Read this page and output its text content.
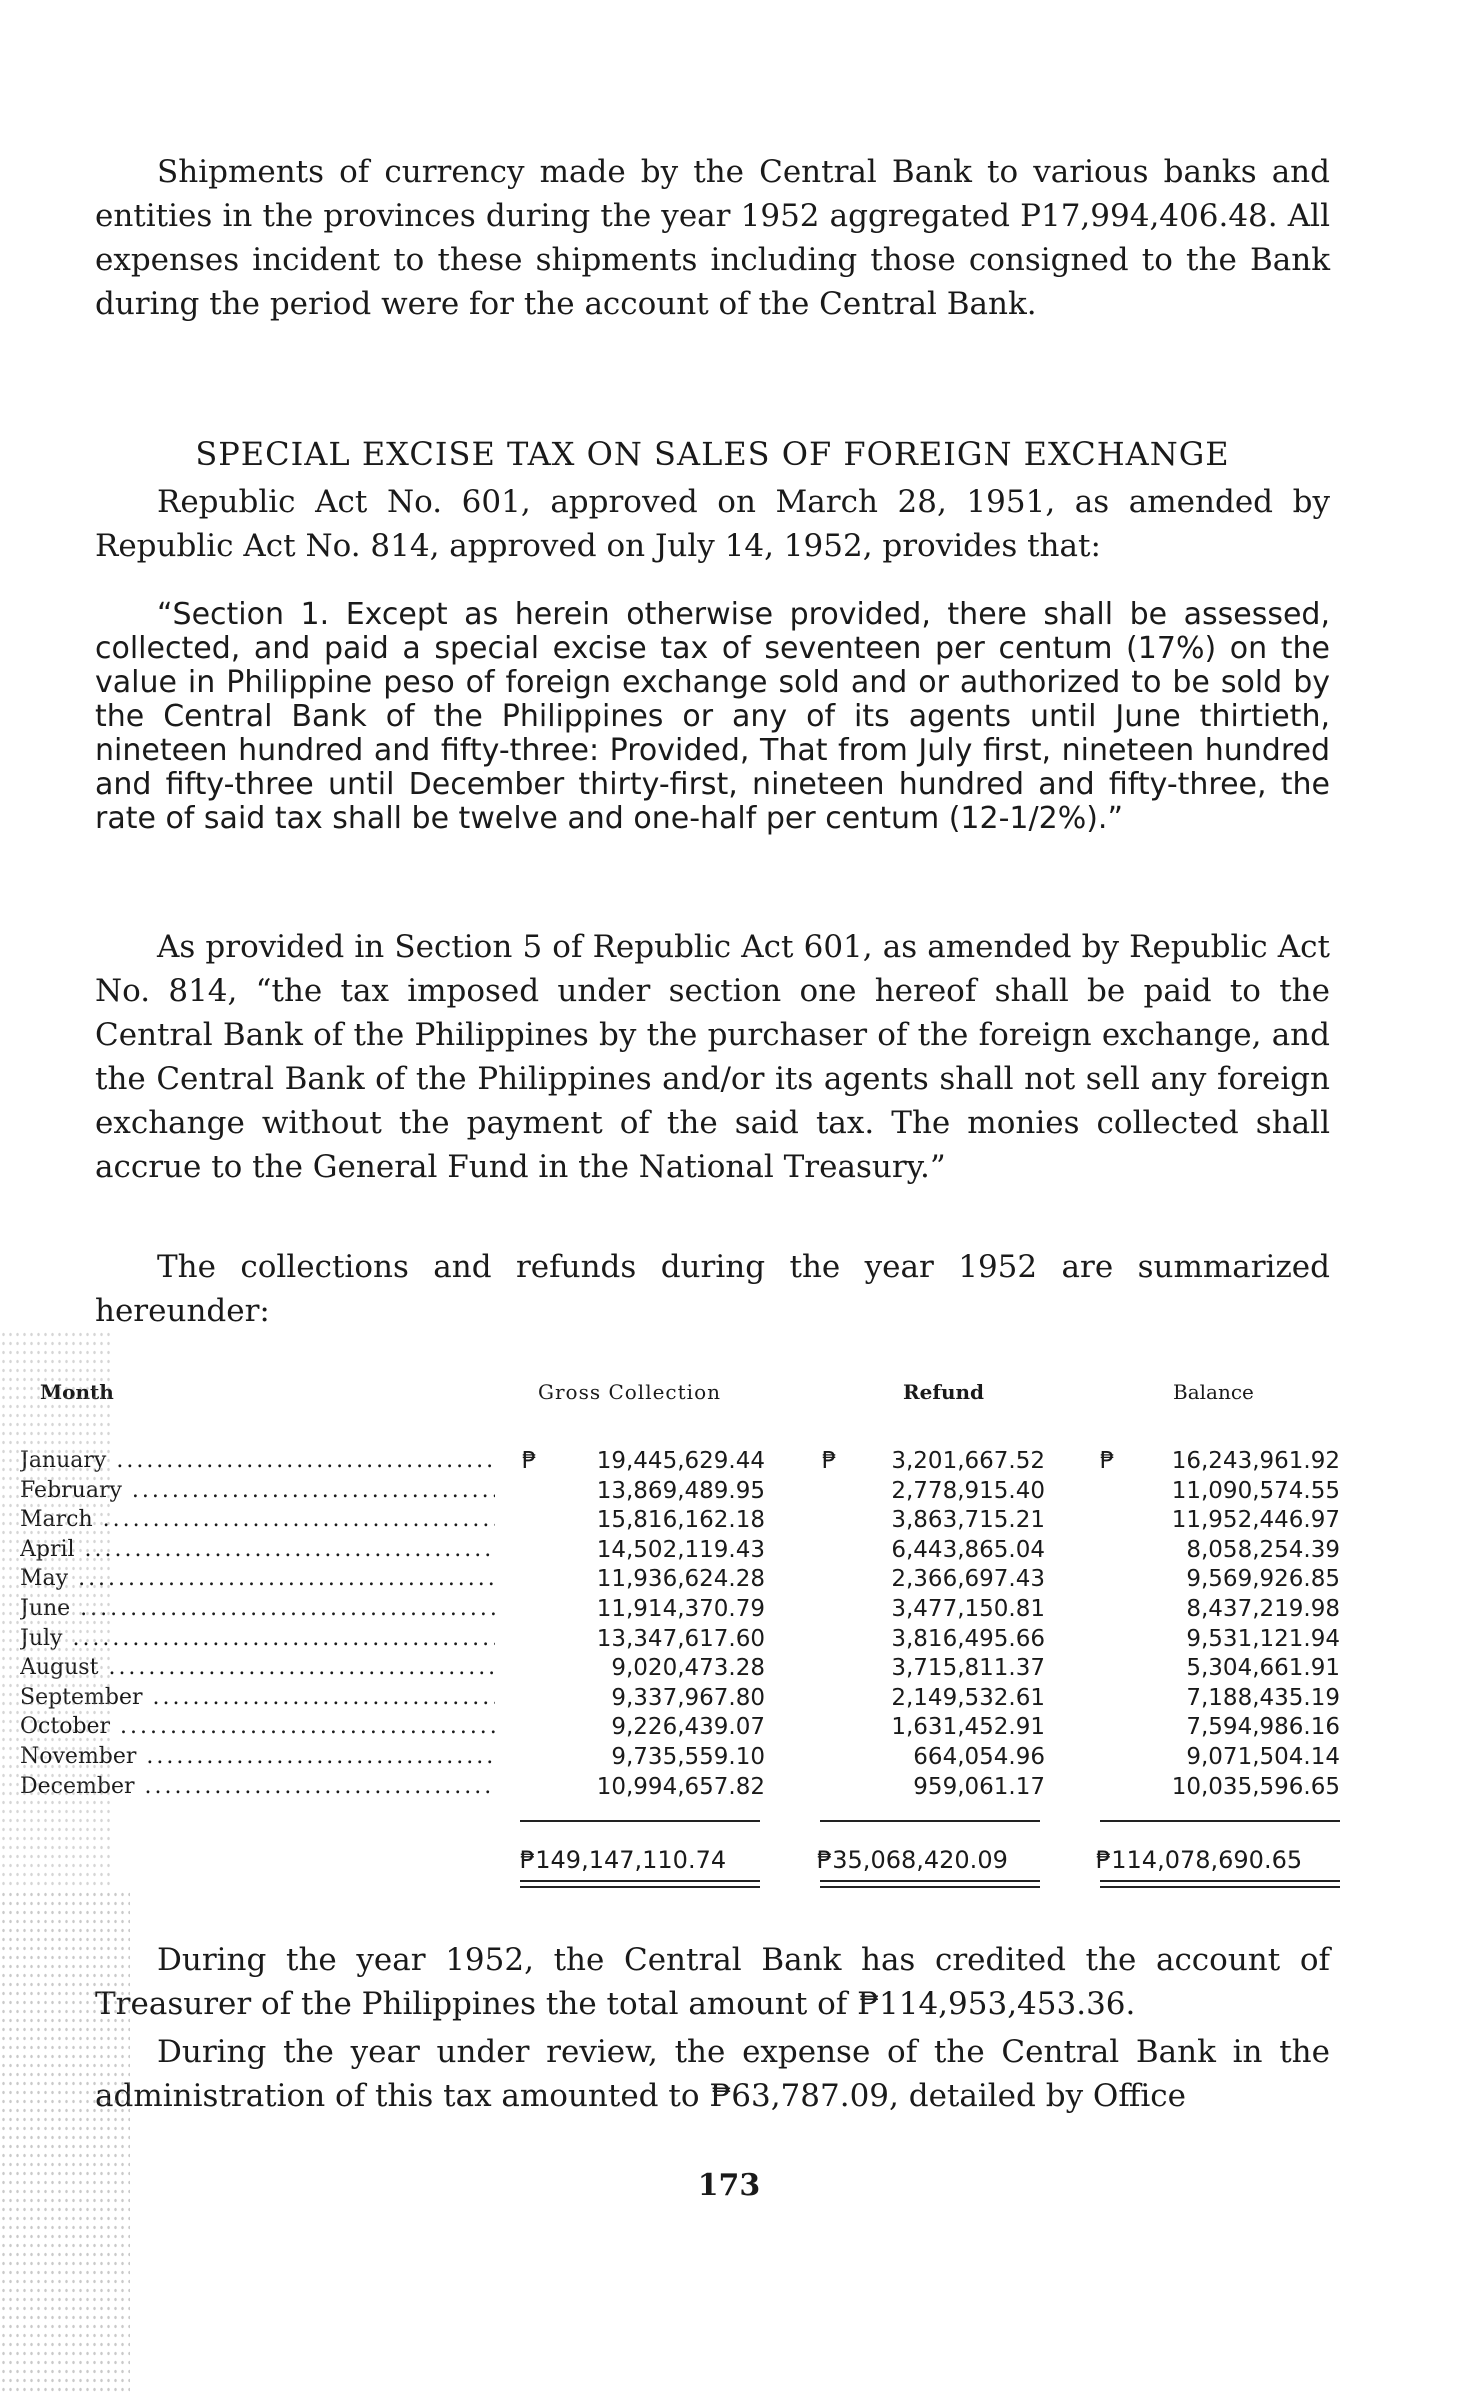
Shipments of currency made by the Central Bank to various banks and entities in the provinces during the year 1952 aggregated P17,994,406.48. All expenses incident to these shipments including those consigned to the Bank during the period were for the account of the Central Bank.

SPECIAL EXCISE TAX ON SALES OF FOREIGN EXCHANGE

Republic Act No. 601, approved on March 28, 1951, as amended by Republic Act No. 814, approved on July 14, 1952, provides that:

“Section 1. Except as herein otherwise provided, there shall be assessed, collected, and paid a special excise tax of seventeen per centum (17%) on the value in Philippine peso of foreign exchange sold and or authorized to be sold by the Central Bank of the Philippines or any of its agents until June thirtieth, nineteen hundred and fifty-three: Provided, That from July first, nineteen hundred and fifty-three until December thirty-first, nineteen hundred and fifty-three, the rate of said tax shall be twelve and one-half per centum (12-1/2%).”

As provided in Section 5 of Republic Act 601, as amended by Republic Act No. 814, “the tax imposed under section one hereof shall be paid to the Central Bank of the Philippines by the purchaser of the foreign exchange, and the Central Bank of the Philippines and/or its agents shall not sell any foreign exchange without the payment of the said tax. The monies collected shall accrue to the General Fund in the National Treasury.”

The collections and refunds during the year 1952 are summarized hereunder:

Month	Gross Collection	Refund	Balance
January .....	₱	19,445,629.44 ₱	3,201,667.52 ₱	16,243,961.92
February .....	13,869,489.95	2,778,915.40	11,090,574.55
March .....	15,816,162.18	3,863,715.21	11,952,446.97
April .....	14,502,119.43	6,443,865.04	8,058,254.39
May .....	11,936,624.28	2,366,697.43	9,569,926.85
June .....	11,914,370.79	3,477,150.81	8,437,219.98
July .....	13,347,617.60	3,816,495.66	9,531,121.94
August .....	9,020,473.28	3,715,811.37	5,304,661.91
September .....	9,337,967.80	2,149,532.61	7,188,435.19
October .....	9,226,439.07	1,631,452.91	7,594,986.16
November .....	9,735,559.10	664,054.96	9,071,504.14
December .....	10,994,657.82	959,061.17	10,035,596.65
₱149,147,110.74	₱35,068,420.09	₱114,078,690.65

During the year 1952, the Central Bank has credited the account of Treasurer of the Philippines the total amount of ₱114,953,453.36.

During the year under review, the expense of the Central Bank in the administration of this tax amounted to ₱63,787.09, detailed by Office

173
